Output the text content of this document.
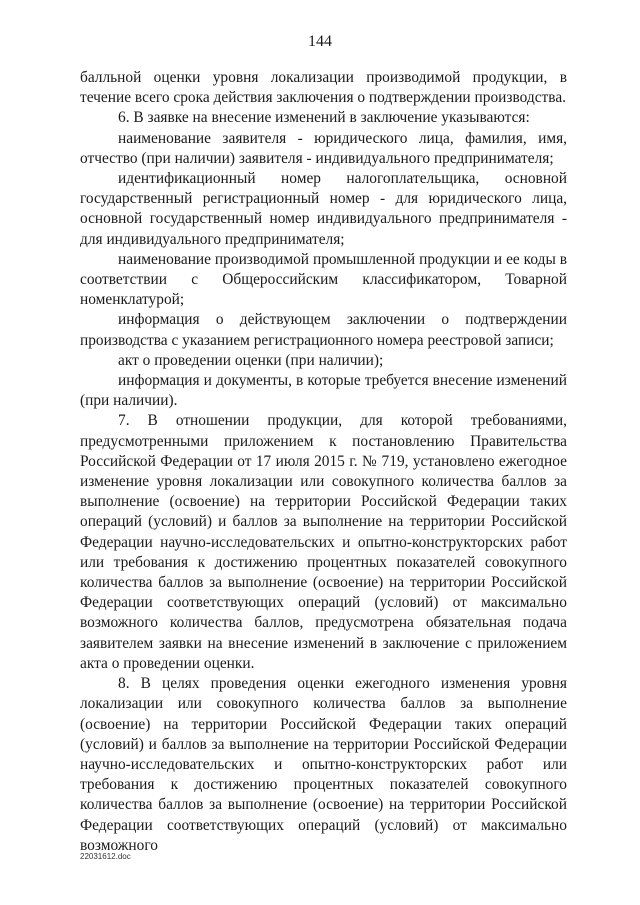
144

балльной оценки уровня локализации производимой продукции, в течение всего срока действия заключения о подтверждении производства.

6. В заявке на внесение изменений в заключение указываются:

наименование заявителя - юридического лица, фамилия, имя, отчество (при наличии) заявителя - индивидуального предпринимателя;

идентификационный номер налогоплательщика, основной государственный регистрационный номер - для юридического лица, основной государственный номер индивидуального предпринимателя - для индивидуального предпринимателя;

наименование производимой промышленной продукции и ее коды в соответствии с Общероссийским классификатором, Товарной номенклатурой;

информация о действующем заключении о подтверждении производства с указанием регистрационного номера реестровой записи;

акт о проведении оценки (при наличии);

информация и документы, в которые требуется внесение изменений (при наличии).

7. В отношении продукции, для которой требованиями, предусмотренными приложением к постановлению Правительства Российской Федерации от 17 июля 2015 г. № 719, установлено ежегодное изменение уровня локализации или совокупного количества баллов за выполнение (освоение) на территории Российской Федерации таких операций (условий) и баллов за выполнение на территории Российской Федерации научно-исследовательских и опытно-конструкторских работ или требования к достижению процентных показателей совокупного количества баллов за выполнение (освоение) на территории Российской Федерации соответствующих операций (условий) от максимально возможного количества баллов, предусмотрена обязательная подача заявителем заявки на внесение изменений в заключение с приложением акта о проведении оценки.

8. В целях проведения оценки ежегодного изменения уровня локализации или совокупного количества баллов за выполнение (освоение) на территории Российской Федерации таких операций (условий) и баллов за выполнение на территории Российской Федерации научно-исследовательских и опытно-конструкторских работ или требования к достижению процентных показателей совокупного количества баллов за выполнение (освоение) на территории Российской Федерации соответствующих операций (условий) от максимально возможного

22031612.doc
